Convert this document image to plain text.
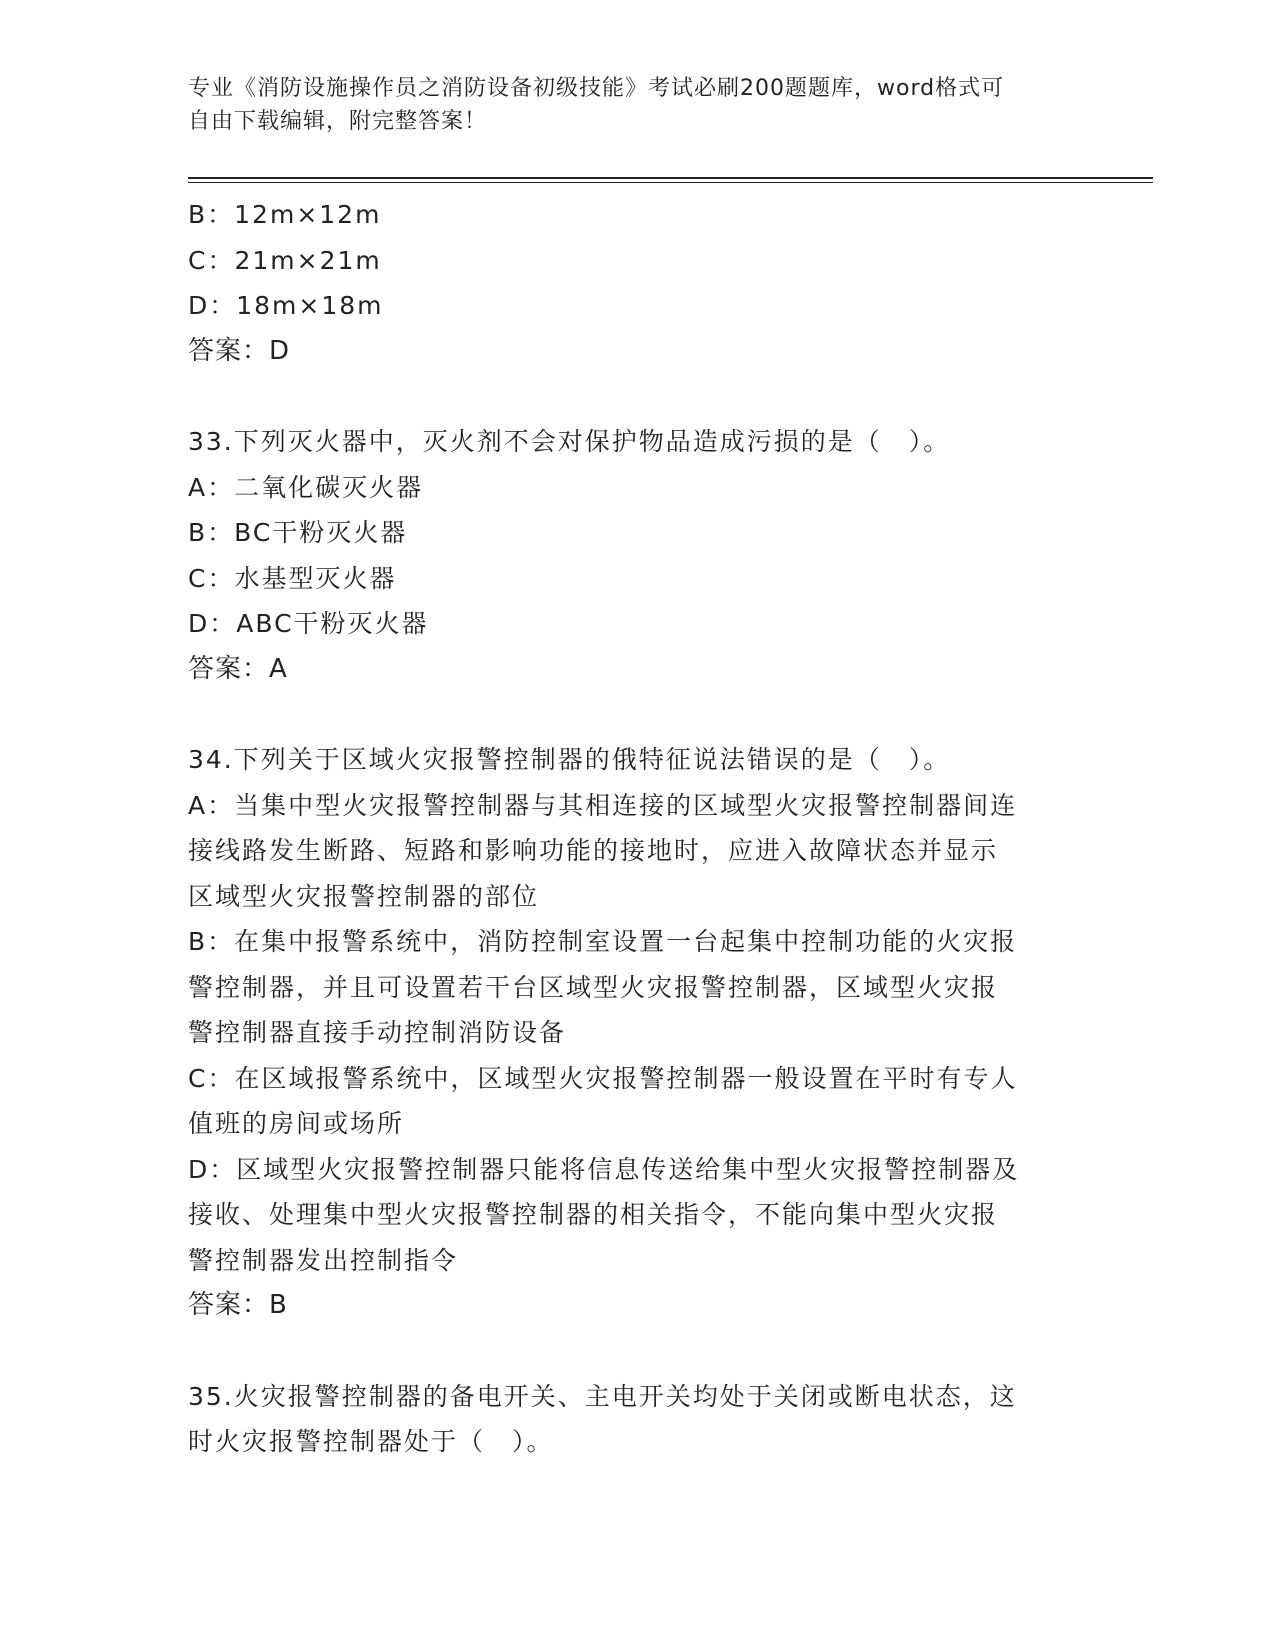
专业《消防设施操作员之消防设备初级技能》考试必刷200题题库，word格式可
自由下载编辑，附完整答案！
B：12m×12m
C：21m×21m
D：18m×18m
答案：D
33.下列灭火器中，灭火剂不会对保护物品造成污损的是（　）。
A：二氧化碳灭火器
B：BC干粉灭火器
C：水基型灭火器
D：ABC干粉灭火器
答案：A
34.下列关于区域火灾报警控制器的俄特征说法错误的是（　）。
A：当集中型火灾报警控制器与其相连接的区域型火灾报警控制器间连
接线路发生断路、短路和影响功能的接地时，应进入故障状态并显示
区域型火灾报警控制器的部位
B：在集中报警系统中，消防控制室设置一台起集中控制功能的火灾报
警控制器，并且可设置若干台区域型火灾报警控制器，区域型火灾报
警控制器直接手动控制消防设备
C：在区域报警系统中，区域型火灾报警控制器一般设置在平时有专人
值班的房间或场所
D：区域型火灾报警控制器只能将信息传送给集中型火灾报警控制器及
接收、处理集中型火灾报警控制器的相关指令，不能向集中型火灾报
警控制器发出控制指令
答案：B
35.火灾报警控制器的备电开关、主电开关均处于关闭或断电状态，这
时火灾报警控制器处于（　）。
